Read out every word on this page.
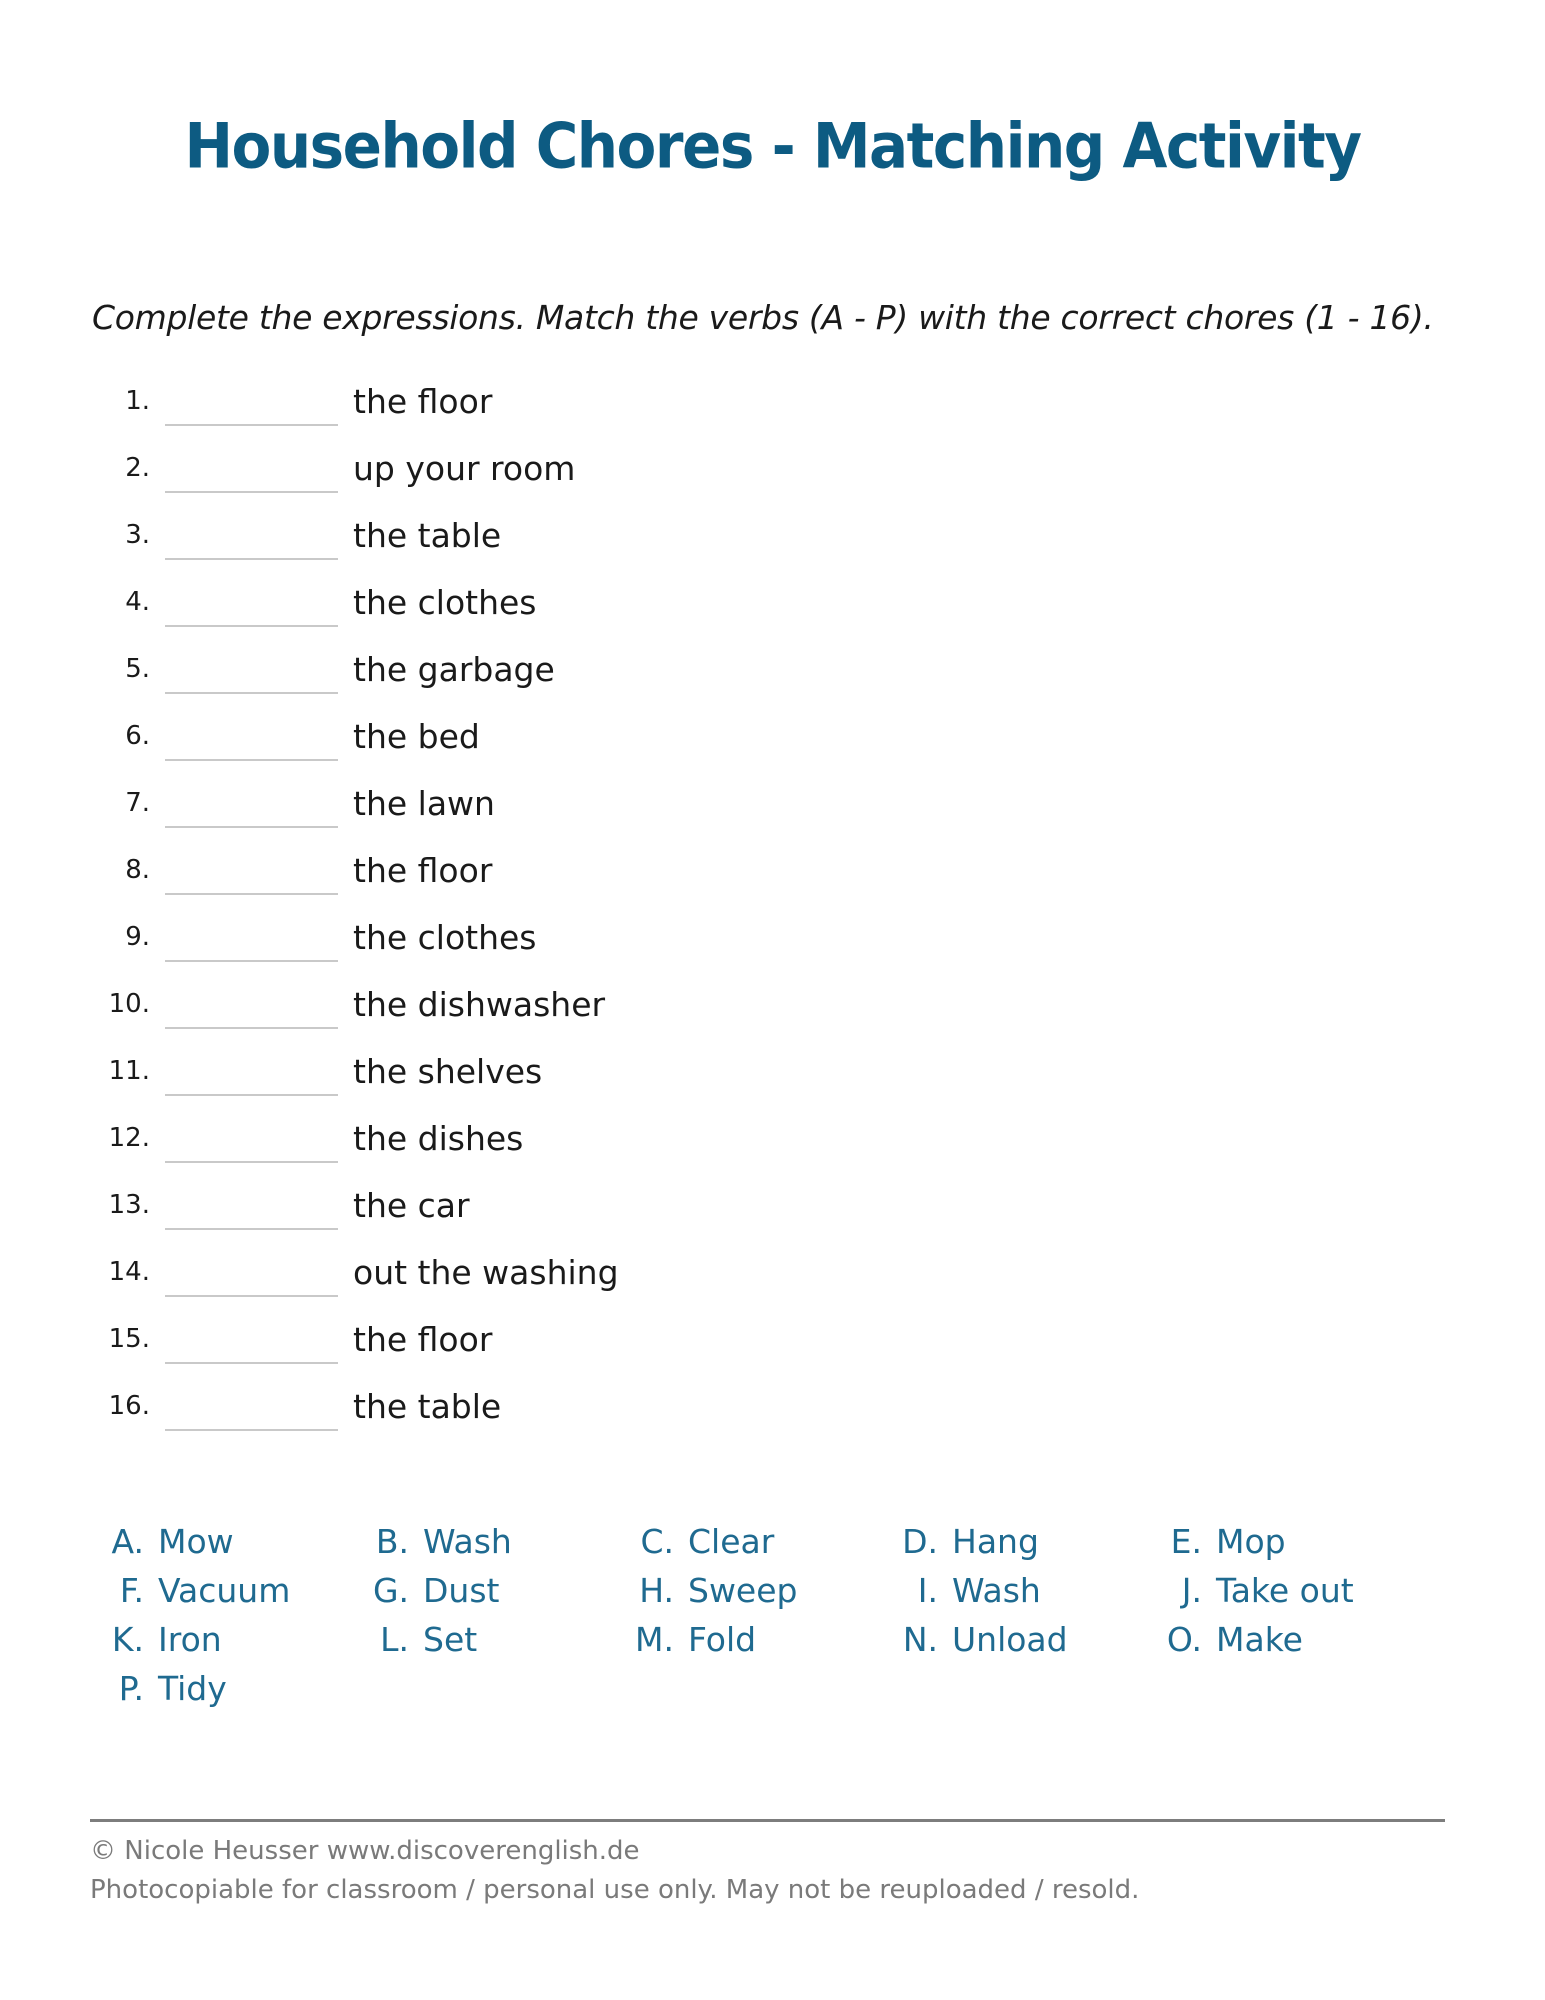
Household Chores - Matching Activity
Complete the expressions. Match the verbs (A - P) with the correct chores (1 - 16).
1.	the floor
2.	up your room
3.	the table
4.	the clothes
5.	the garbage
6.	the bed
7.	the lawn
8.	the floor
9.	the clothes
10.	the dishwasher
11.	the shelves
12.	the dishes
13.	the car
14.	out the washing
15.	the floor
16.	the table
A. Mow	B. Wash	C. Clear	D. Hang	E. Mop
F. Vacuum	G. Dust	H. Sweep	I. Wash	J. Take out
K. Iron	L. Set	M. Fold	N. Unload	O. Make
P. Tidy
© Nicole Heusser www.discoverenglish.de
Photocopiable for classroom / personal use only. May not be reuploaded / resold.
